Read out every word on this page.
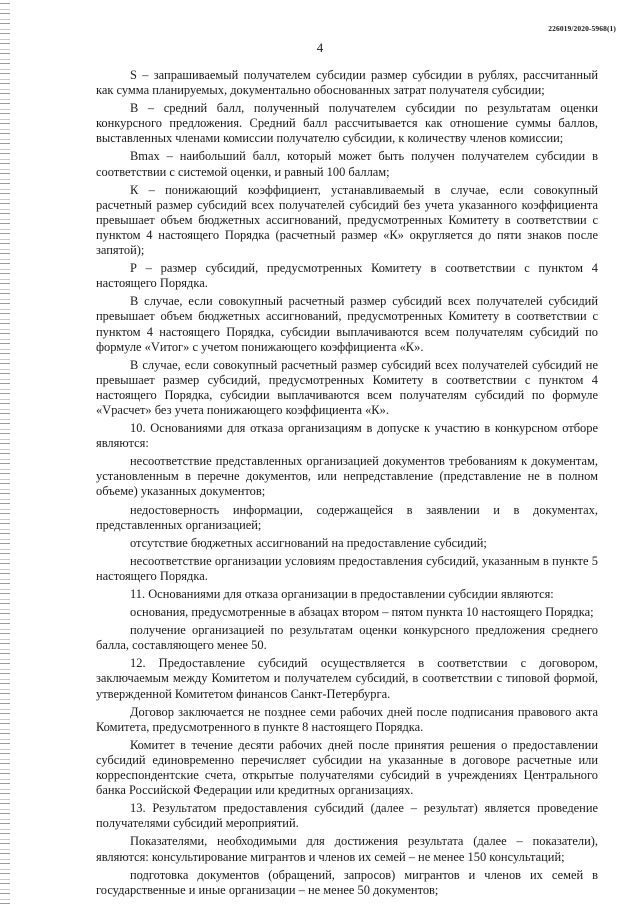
226019/2020-5968(1)
4

S – запрашиваемый получателем субсидии размер субсидии в рублях, рассчитанный как сумма планируемых, документально обоснованных затрат получателя субсидии;

В – средний балл, полученный получателем субсидии по результатам оценки конкурсного предложения. Средний балл рассчитывается как отношение суммы баллов, выставленных членами комиссии получателю субсидии, к количеству членов комиссии;

Bmax – наибольший балл, который может быть получен получателем субсидии в соответствии с системой оценки, и равный 100 баллам;

К – понижающий коэффициент, устанавливаемый в случае, если совокупный расчетный размер субсидий всех получателей субсидий без учета указанного коэффициента превышает объем бюджетных ассигнований, предусмотренных Комитету в соответствии с пунктом 4 настоящего Порядка (расчетный размер «К» округляется до пяти знаков после запятой);

Р – размер субсидий, предусмотренных Комитету в соответствии с пунктом 4 настоящего Порядка.

В случае, если совокупный расчетный размер субсидий всех получателей субсидий превышает объем бюджетных ассигнований, предусмотренных Комитету в соответствии с пунктом 4 настоящего Порядка, субсидии выплачиваются всем получателям субсидий по формуле «Vитог» с учетом понижающего коэффициента «К».

В случае, если совокупный расчетный размер субсидий всех получателей субсидий не превышает размер субсидий, предусмотренных Комитету в соответствии с пунктом 4 настоящего Порядка, субсидии выплачиваются всем получателям субсидий по формуле «Vрасчет» без учета понижающего коэффициента «К».

10. Основаниями для отказа организациям в допуске к участию в конкурсном отборе являются:

несоответствие представленных организацией документов требованиям к документам, установленным в перечне документов, или непредставление (представление не в полном объеме) указанных документов;

недостоверность информации, содержащейся в заявлении и в документах, представленных организацией;

отсутствие бюджетных ассигнований на предоставление субсидий;

несоответствие организации условиям предоставления субсидий, указанным в пункте 5 настоящего Порядка.

11. Основаниями для отказа организации в предоставлении субсидии являются:

основания, предусмотренные в абзацах втором – пятом пункта 10 настоящего Порядка;

получение организацией по результатам оценки конкурсного предложения среднего балла, составляющего менее 50.

12. Предоставление субсидий осуществляется в соответствии с договором, заключаемым между Комитетом и получателем субсидий, в соответствии с типовой формой, утвержденной Комитетом финансов Санкт-Петербурга.

Договор заключается не позднее семи рабочих дней после подписания правового акта Комитета, предусмотренного в пункте 8 настоящего Порядка.

Комитет в течение десяти рабочих дней после принятия решения о предоставлении субсидий единовременно перечисляет субсидии на указанные в договоре расчетные или корреспондентские счета, открытые получателями субсидий в учреждениях Центрального банка Российской Федерации или кредитных организациях.

13. Результатом предоставления субсидий (далее – результат) является проведение получателями субсидий мероприятий.

Показателями, необходимыми для достижения результата (далее – показатели), являются: консультирование мигрантов и членов их семей – не менее 150 консультаций;

подготовка документов (обращений, запросов) мигрантов и членов их семей в государственные и иные организации – не менее 50 документов;
